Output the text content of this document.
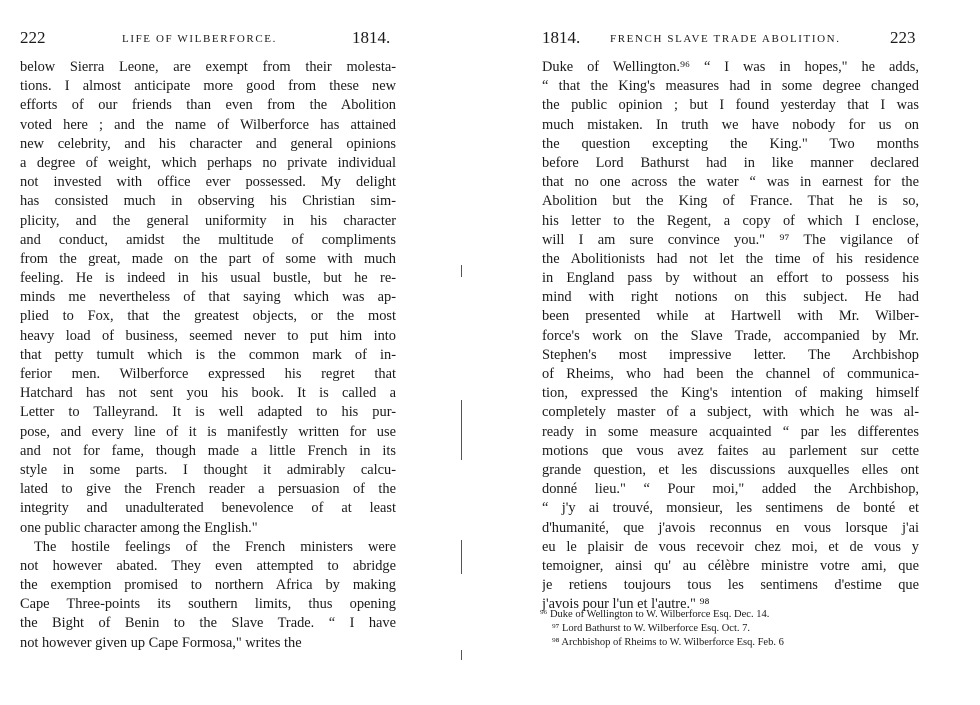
222	LIFE OF WILBERFORCE.	1814.
below Sierra Leone, are exempt from their molesta-
tions. I almost anticipate more good from these new
efforts of our friends than even from the Abolition
voted here ; and the name of Wilberforce has attained
new celebrity, and his character and general opinions
a degree of weight, which perhaps no private individual
not invested with office ever possessed. My delight
has consisted much in observing his Christian sim-
plicity, and the general uniformity in his character
and conduct, amidst the multitude of compliments
from the great, made on the part of some with much
feeling. He is indeed in his usual bustle, but he re-
minds me nevertheless of that saying which was ap-
plied to Fox, that the greatest objects, or the most
heavy load of business, seemed never to put him into
that petty tumult which is the common mark of in-
ferior men. Wilberforce expressed his regret that
Hatchard has not sent you his book. It is called a
Letter to Talleyrand. It is well adapted to his pur-
pose, and every line of it is manifestly written for use
and not for fame, though made a little French in its
style in some parts. I thought it admirably calcu-
lated to give the French reader a persuasion of the
integrity and unadulterated benevolence of at least
one public character among the English."
The hostile feelings of the French ministers were
not however abated. They even attempted to abridge
the exemption promised to northern Africa by making
Cape Three-points its southern limits, thus opening
the Bight of Benin to the Slave Trade. “ I have
not however given up Cape Formosa," writes the
1814.	FRENCH SLAVE TRADE ABOLITION.	223
Duke of Wellington.⁹⁶ “ I was in hopes," he adds,
“ that the King's measures had in some degree changed
the public opinion ; but I found yesterday that I was
much mistaken. In truth we have nobody for us on
the question excepting the King." Two months
before Lord Bathurst had in like manner declared
that no one across the water “ was in earnest for the
Abolition but the King of France. That he is so,
his letter to the Regent, a copy of which I enclose,
will I am sure convince you." ⁹⁷ The vigilance of
the Abolitionists had not let the time of his residence
in England pass by without an effort to possess his
mind with right notions on this subject. He had
been presented while at Hartwell with Mr. Wilber-
force's work on the Slave Trade, accompanied by Mr.
Stephen's most impressive letter. The Archbishop
of Rheims, who had been the channel of communica-
tion, expressed the King's intention of making himself
completely master of a subject, with which he was al-
ready in some measure acquainted “ par les differentes
motions que vous avez faites au parlement sur cette
grande question, et les discussions auxquelles elles ont
donné lieu." “ Pour moi," added the Archbishop,
“ j'y ai trouvé, monsieur, les sentimens de bonté et
d'humanité, que j'avois reconnus en vous lorsque j'ai
eu le plaisir de vous recevoir chez moi, et de vous y
temoigner, ainsi qu' au célèbre ministre votre ami, que
je retiens toujours tous les sentimens d'estime que
j'avois pour l'un et l'autre." ⁹⁸
⁹⁶ Duke of Wellington to W. Wilberforce Esq. Dec. 14.
⁹⁷ Lord Bathurst to W. Wilberforce Esq. Oct. 7.
⁹⁸ Archbishop of Rheims to W. Wilberforce Esq. Feb. 6
